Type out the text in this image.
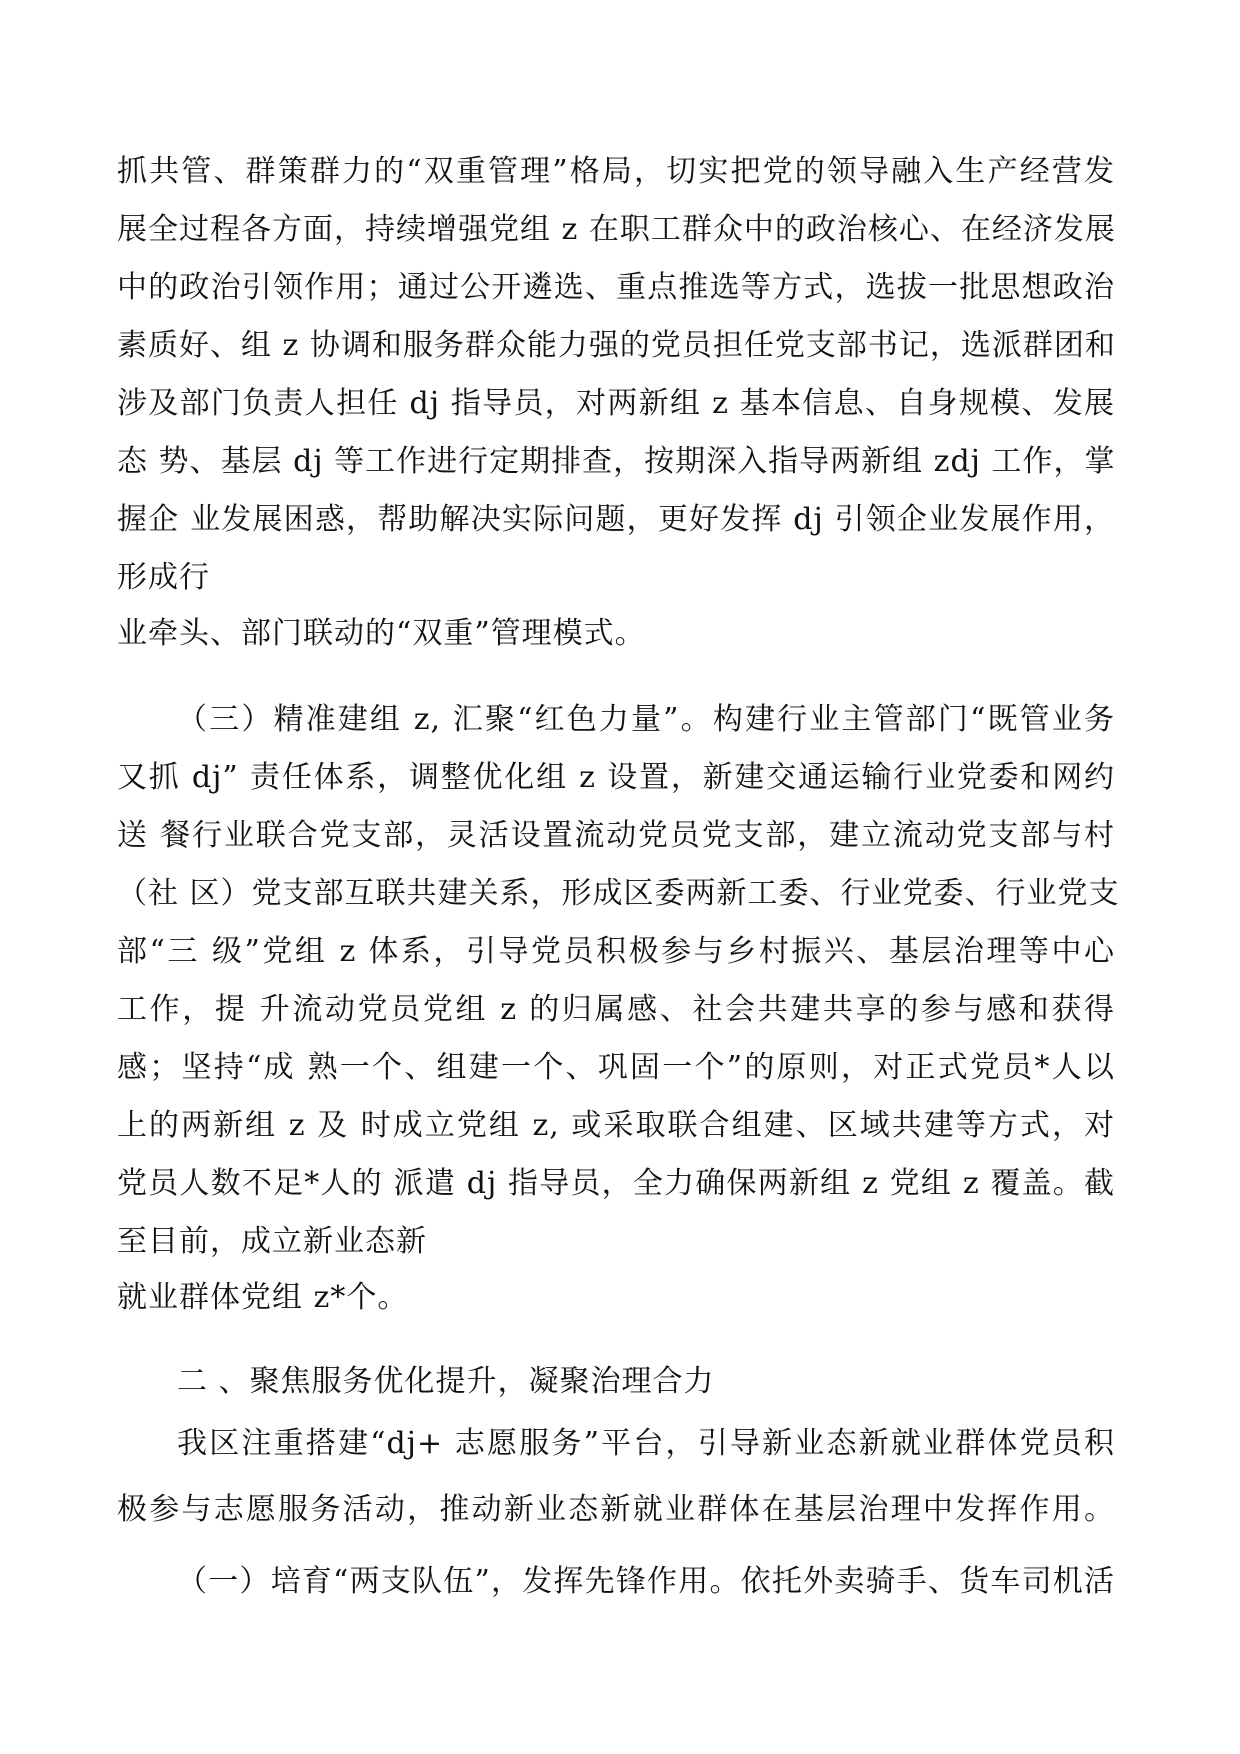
抓共管、群策群力的“双重管理”格局，切实把党的领导融入生产经营发
展全过程各方面，持续增强党组 z 在职工群众中的政治核心、在经济发展
中的政治引领作用；通过公开遴选、重点推选等方式，选拔一批思想政治
素质好、组 z 协调和服务群众能力强的党员担任党支部书记，选派群团和
涉及部门负责人担任 dj 指导员，对两新组 z 基本信息、自身规模、发展
态 势、基层 dj 等工作进行定期排查，按期深入指导两新组 zdj 工作，掌
握企 业发展困惑，帮助解决实际问题，更好发挥 dj 引领企业发展作用，
形成行
业牵头、部门联动的“双重”管理模式。
（三）精准建组 z, 汇聚“红色力量”。构建行业主管部门“既管业务
又抓 dj” 责任体系，调整优化组 z 设置，新建交通运输行业党委和网约
送 餐行业联合党支部，灵活设置流动党员党支部，建立流动党支部与村
（社 区）党支部互联共建关系，形成区委两新工委、行业党委、行业党支
部“三 级”党组 z 体系，引导党员积极参与乡村振兴、基层治理等中心
工作，提 升流动党员党组 z 的归属感、社会共建共享的参与感和获得
感；坚持“成 熟一个、组建一个、巩固一个”的原则，对正式党员*人以
上的两新组 z 及 时成立党组 z, 或采取联合组建、区域共建等方式，对
党员人数不足*人的 派遣 dj 指导员，全力确保两新组 z 党组 z 覆盖。截
至目前，成立新业态新
就业群体党组 z*个。
二 、聚焦服务优化提升，凝聚治理合力
我区注重搭建“dj+ 志愿服务”平台，引导新业态新就业群体党员积
极参与志愿服务活动，推动新业态新就业群体在基层治理中发挥作用。
（一）培育“两支队伍”，发挥先锋作用。依托外卖骑手、货车司机活
